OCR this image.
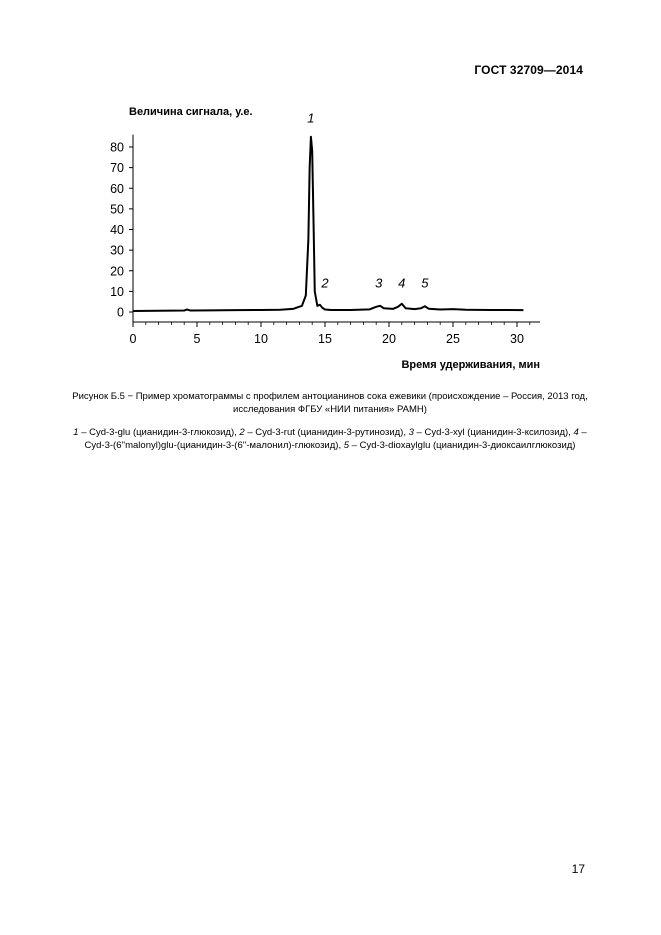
ГОСТ 32709—2014
Величина сигнала, у.е.
Время удерживания, мин
0
10
20
30
40
50
60
70
80
0	5	10	15	20	25	30
1
2	3 4 5
Рисунок Б.5 − Пример хроматограммы с профилем антоцианинов сока ежевики (происхождение – Россия, 2013 год, исследования ФГБУ «НИИ питания» РАМН)
1 – Cyd-3-glu (цианидин-3-глюкозид), 2 – Cyd-3-rut (цианидин-3-рутинозид), 3 – Cyd-3-xyl (цианидин-3-ксилозид), 4 – Cyd-3-(6''malonyl)glu-(цианидин-3-(6''-малонил)-глюкозид), 5 – Cyd-3-dioxaylglu (цианидин-3-диоксаилглюкозид)
17
